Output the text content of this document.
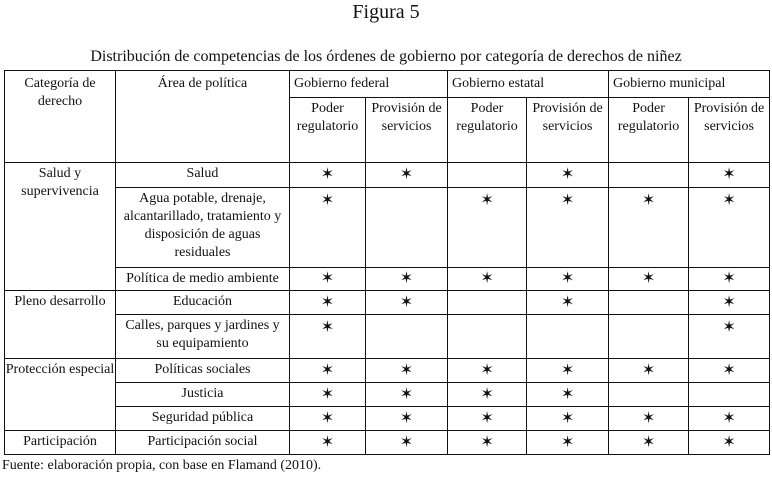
Figura 5
Distribución de competencias de los órdenes de gobierno por categoría de derechos de niñez
Categoría de derecho	Área de política	Gobierno federal		Gobierno estatal		Gobierno municipal	
		Poder regulatorio	Provisión de servicios	Poder regulatorio	Provisión de servicios	Poder regulatorio	Provisión de servicios
Salud y supervivencia	Salud	✶	✶		✶		✶
	Agua potable, drenaje, alcantarillado, tratamiento y disposición de aguas residuales	✶		✶	✶	✶	✶
	Política de medio ambiente	✶	✶	✶	✶	✶	✶
Pleno desarrollo	Educación	✶	✶		✶		✶
	Calles, parques y jardines y su equipamiento	✶					✶
Protección especial	Políticas sociales	✶	✶	✶	✶	✶	✶
	Justicia	✶	✶	✶	✶		
	Seguridad pública	✶	✶	✶	✶	✶	✶
Participación	Participación social	✶	✶	✶	✶	✶	✶
Fuente: elaboración propia, con base en Flamand (2010).
